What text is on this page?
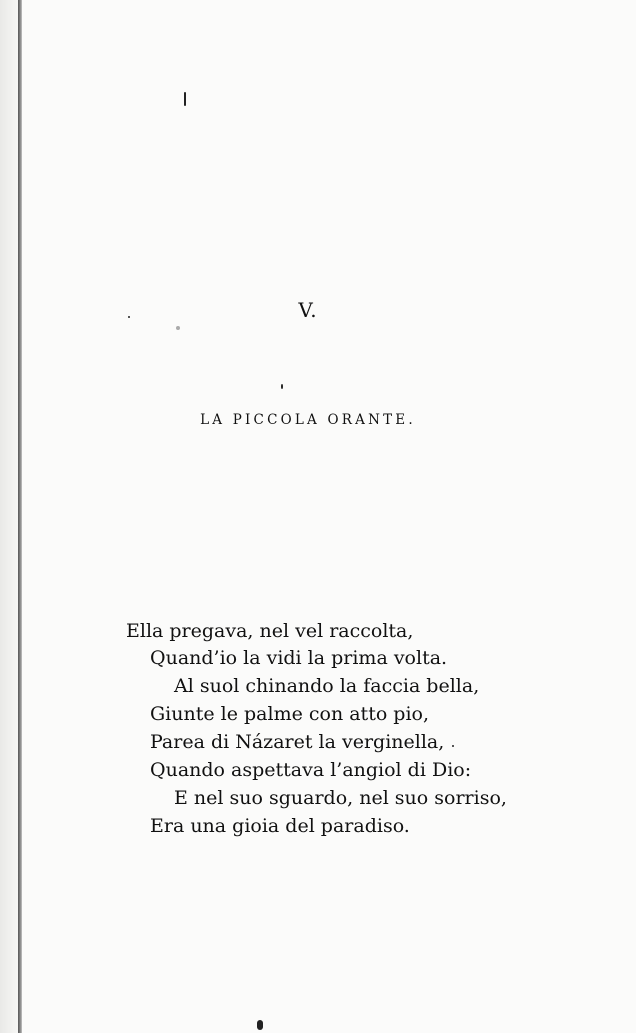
V.
LA PICCOLA ORANTE.
Ella pregava, nel vel raccolta,
Quand’io la vidi la prima volta.
Al suol chinando la faccia bella,
Giunte le palme con atto pio,
Parea di Názaret la verginella,
Quando aspettava l’angiol di Dio:
E nel suo sguardo, nel suo sorriso,
Era una gioia del paradiso.
